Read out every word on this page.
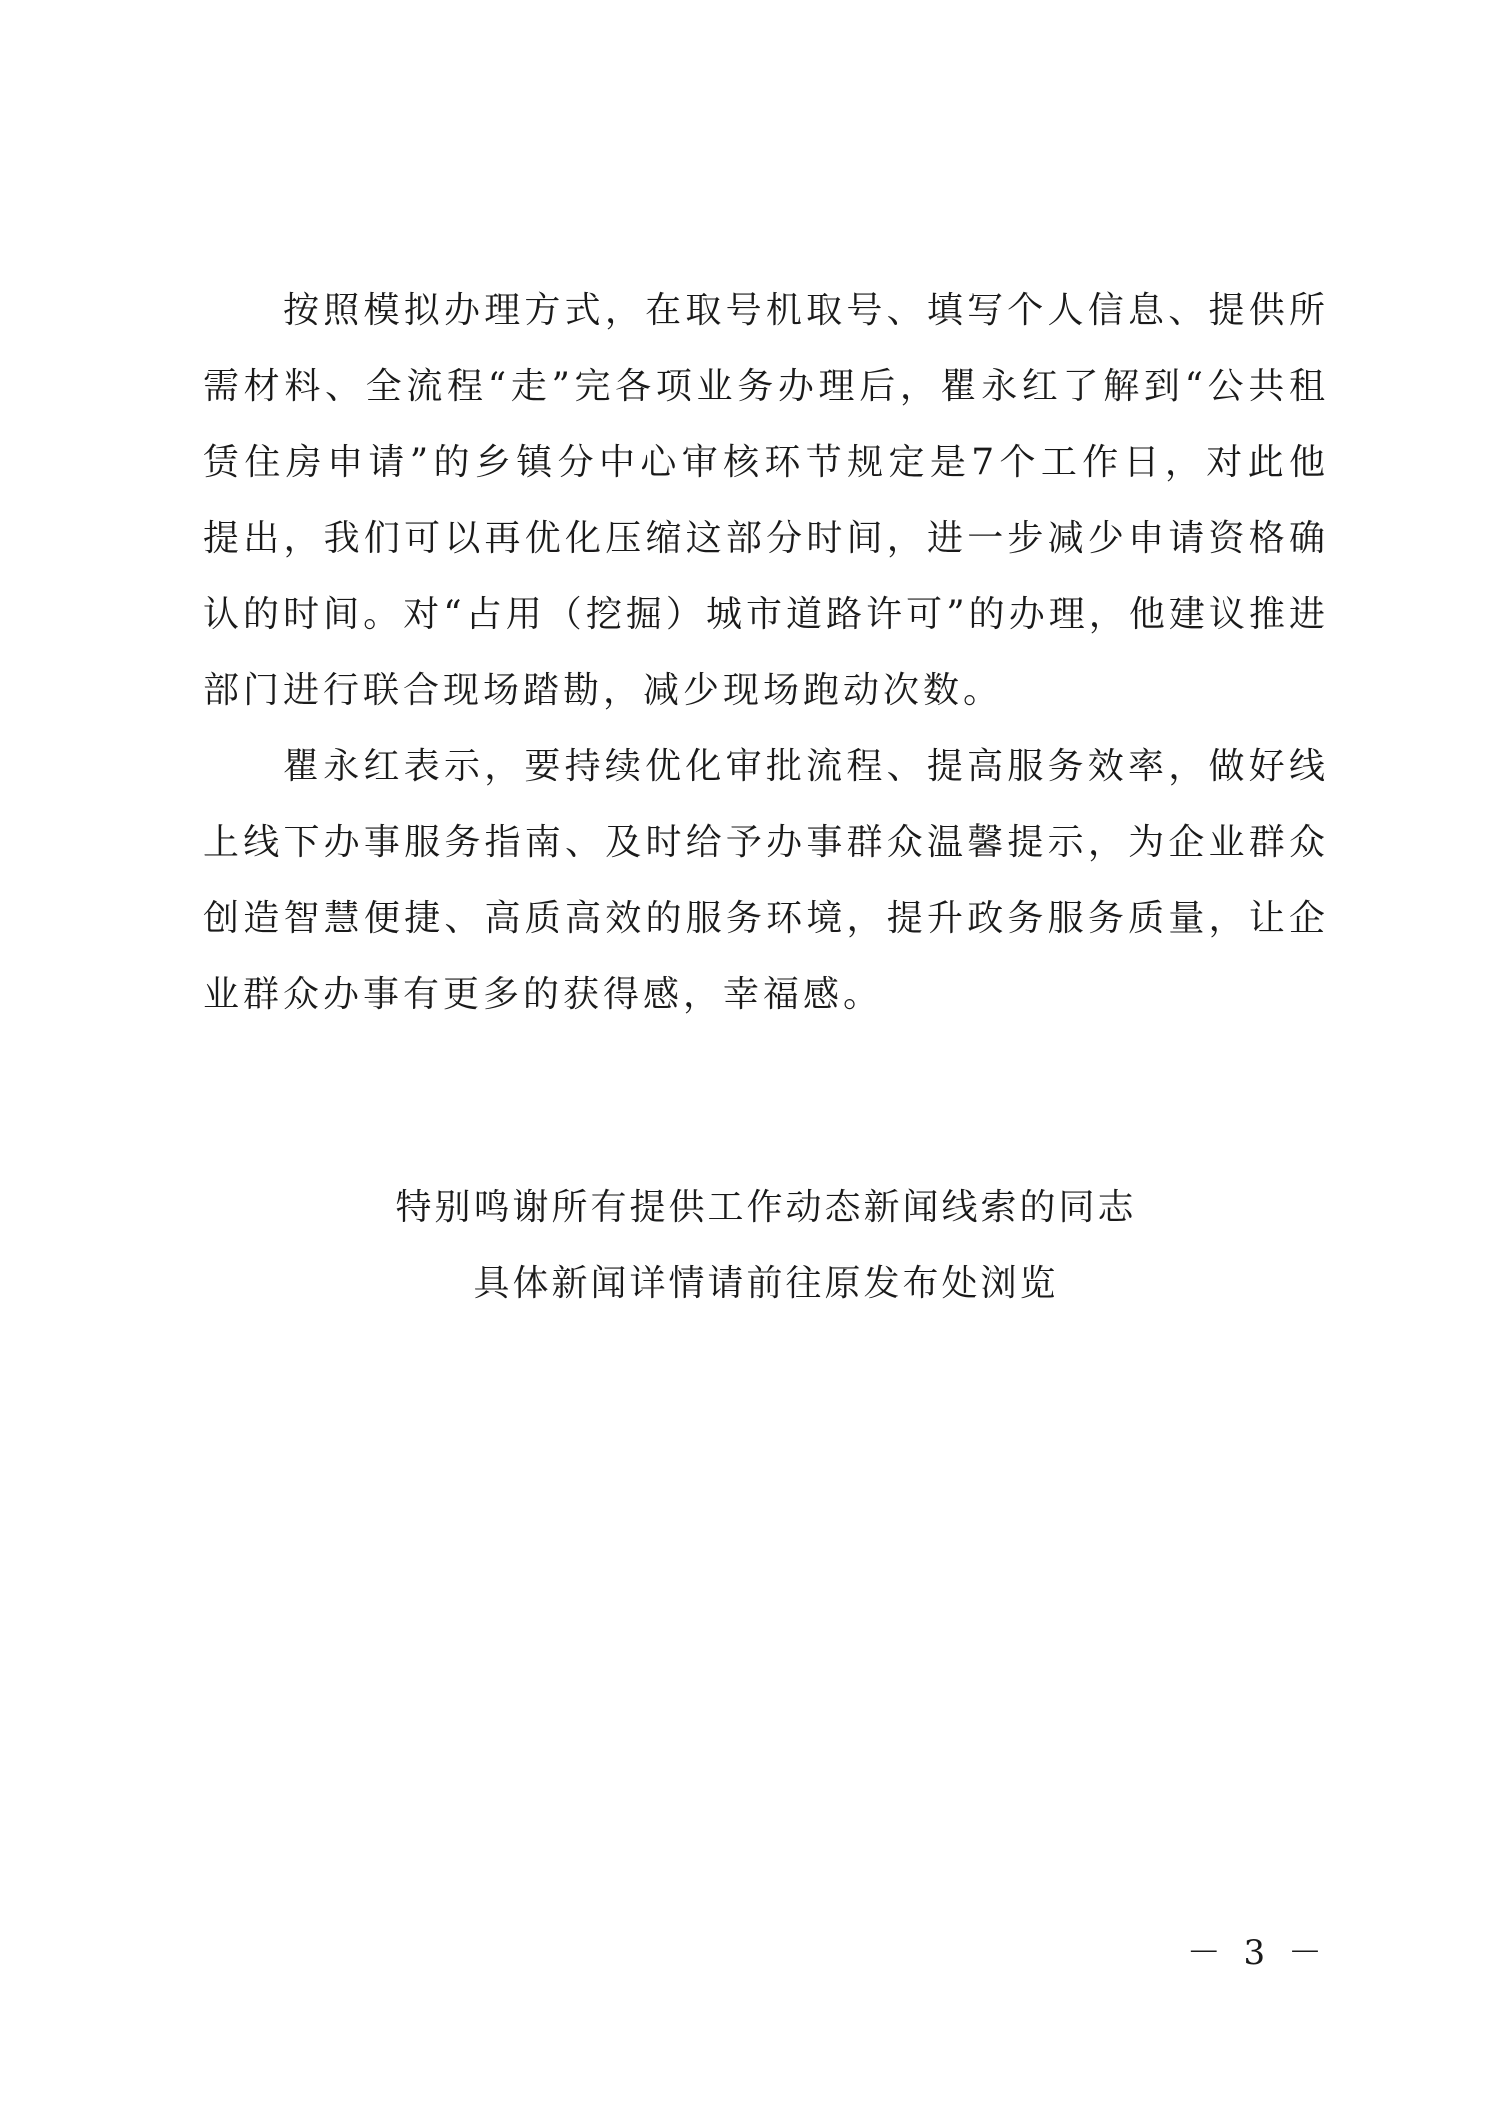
按照模拟办理方式，在取号机取号、填写个人信息、提供所需材料、全流程“走”完各项业务办理后，瞿永红了解到“公共租赁住房申请”的乡镇分中心审核环节规定是7个工作日，对此他提出，我们可以再优化压缩这部分时间，进一步减少申请资格确认的时间。对“占用（挖掘）城市道路许可”的办理，他建议推进部门进行联合现场踏勘，减少现场跑动次数。

瞿永红表示，要持续优化审批流程、提高服务效率，做好线上线下办事服务指南、及时给予办事群众温馨提示，为企业群众创造智慧便捷、高质高效的服务环境，提升政务服务质量，让企业群众办事有更多的获得感，幸福感。

特别鸣谢所有提供工作动态新闻线索的同志

具体新闻详情请前往原发布处浏览

－ 3 －
